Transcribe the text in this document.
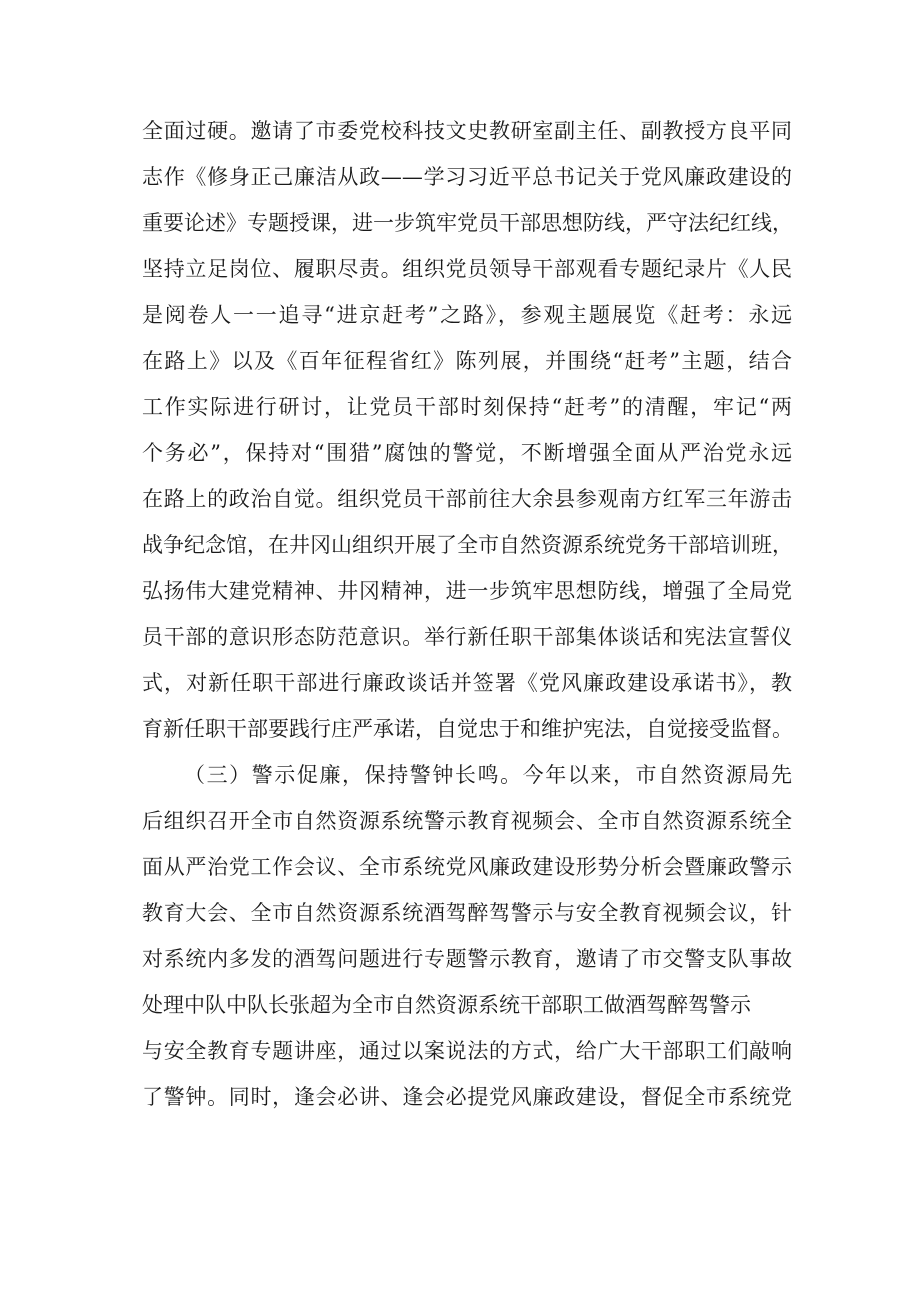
全面过硬。邀请了市委党校科技文史教研室副主任、副教授方良平同
志作《修身正己廉洁从政——学习习近平总书记关于党风廉政建设的
重要论述》专题授课，进一步筑牢党员干部思想防线，严守法纪红线，
坚持立足岗位、履职尽责。组织党员领导干部观看专题纪录片《人民
是阅卷人一一追寻“进京赶考”之路》，参观主题展览《赶考：永远
在路上》以及《百年征程省红》陈列展，并围绕“赶考”主题，结合
工作实际进行研讨，让党员干部时刻保持“赶考”的清醒，牢记“两
个务必”，保持对“围猎”腐蚀的警觉，不断增强全面从严治党永远
在路上的政治自觉。组织党员干部前往大余县参观南方红军三年游击
战争纪念馆，在井冈山组织开展了全市自然资源系统党务干部培训班，
弘扬伟大建党精神、井冈精神，进一步筑牢思想防线，增强了全局党
员干部的意识形态防范意识。举行新任职干部集体谈话和宪法宣誓仪
式，对新任职干部进行廉政谈话并签署《党风廉政建设承诺书》，教
育新任职干部要践行庄严承诺，自觉忠于和维护宪法，自觉接受监督。
（三）警示促廉，保持警钟长鸣。今年以来，市自然资源局先
后组织召开全市自然资源系统警示教育视频会、全市自然资源系统全
面从严治党工作会议、全市系统党风廉政建设形势分析会暨廉政警示
教育大会、全市自然资源系统酒驾醉驾警示与安全教育视频会议，针
对系统内多发的酒驾问题进行专题警示教育，邀请了市交警支队事故
处理中队中队长张超为全市自然资源系统干部职工做酒驾醉驾警示
与安全教育专题讲座，通过以案说法的方式，给广大干部职工们敲响
了警钟。同时，逢会必讲、逢会必提党风廉政建设，督促全市系统党
